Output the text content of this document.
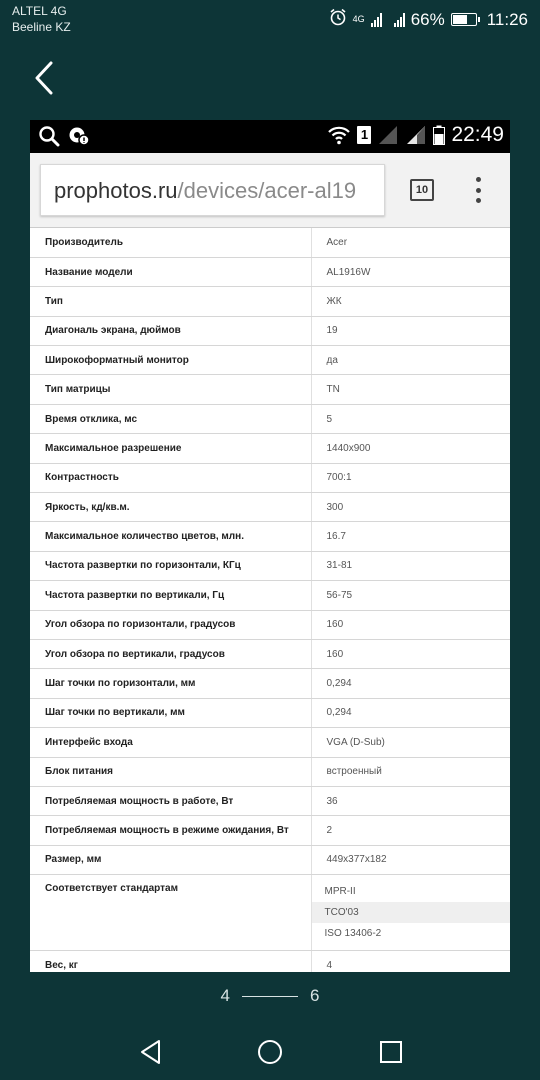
ALTEL 4G
Beeline KZ
4G	66% 11:26
1	22:49
prophotos.ru/devices/acer-al19	10
Производитель	Acer
Название модели	AL1916W
Тип	ЖК
Диагональ экрана, дюймов	19
Широкоформатный монитор	да
Тип матрицы	TN
Время отклика, мс	5
Максимальное разрешение	1440x900
Контрастность	700:1
Яркость, кд/кв.м.	300
Максимальное количество цветов, млн.	16.7
Частота развертки по горизонтали, КГц	31-81
Частота развертки по вертикали, Гц	56-75
Угол обзора по горизонтали, градусов	160
Угол обзора по вертикали, градусов	160
Шаг точки по горизонтали, мм	0,294
Шаг точки по вертикали, мм	0,294
Интерфейс входа	VGA (D-Sub)
Блок питания	встроенный
Потребляемая мощность в работе, Вт	36
Потребляемая мощность в режиме ожидания, Вт	2
Размер, мм	449x377x182
Соответствует стандартам	MPR-II
TCO'03
ISO 13406-2

Вес, кг	4
4	6
